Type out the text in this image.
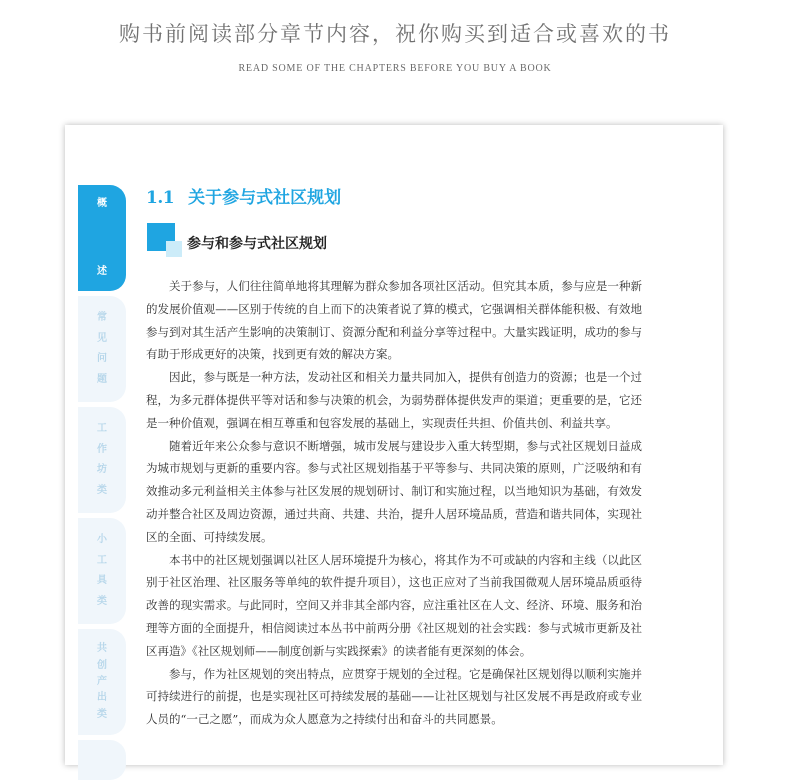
购书前阅读部分章节内容，祝你购买到适合或喜欢的书
READ SOME OF THE CHAPTERS BEFORE YOU BUY A BOOK
概
述
常
见
问
题
工
作
坊
类
小
工
具
类
共
创
产
出
类
1.1 关于参与式社区规划
参与和参与式社区规划

关于参与，人们往往简单地将其理解为群众参加各项社区活动。但究其本质，参与应是一种新的发展价值观——区别于传统的自上而下的决策者说了算的模式，它强调相关群体能积极、有效地参与到对其生活产生影响的决策制订、资源分配和利益分享等过程中。大量实践证明，成功的参与有助于形成更好的决策，找到更有效的解决方案。

因此，参与既是一种方法，发动社区和相关力量共同加入，提供有创造力的资源；也是一个过程，为多元群体提供平等对话和参与决策的机会，为弱势群体提供发声的渠道；更重要的是，它还是一种价值观，强调在相互尊重和包容发展的基础上，实现责任共担、价值共创、利益共享。

随着近年来公众参与意识不断增强，城市发展与建设步入重大转型期，参与式社区规划日益成为城市规划与更新的重要内容。参与式社区规划指基于平等参与、共同决策的原则，广泛吸纳和有效推动多元利益相关主体参与社区发展的规划研讨、制订和实施过程，以当地知识为基础，有效发动并整合社区及周边资源，通过共商、共建、共治，提升人居环境品质，营造和谐共同体，实现社区的全面、可持续发展。

本书中的社区规划强调以社区人居环境提升为核心，将其作为不可或缺的内容和主线（以此区别于社区治理、社区服务等单纯的软件提升项目），这也正应对了当前我国微观人居环境品质亟待改善的现实需求。与此同时，空间又并非其全部内容，应注重社区在人文、经济、环境、服务和治理等方面的全面提升，相信阅读过本丛书中前两分册《社区规划的社会实践：参与式城市更新及社区再造》《社区规划师——制度创新与实践探索》的读者能有更深刻的体会。

参与，作为社区规划的突出特点，应贯穿于规划的全过程。它是确保社区规划得以顺利实施并可持续进行的前提，也是实现社区可持续发展的基础——让社区规划与社区发展不再是政府或专业人员的“一己之愿”，而成为众人愿意为之持续付出和奋斗的共同愿景。
